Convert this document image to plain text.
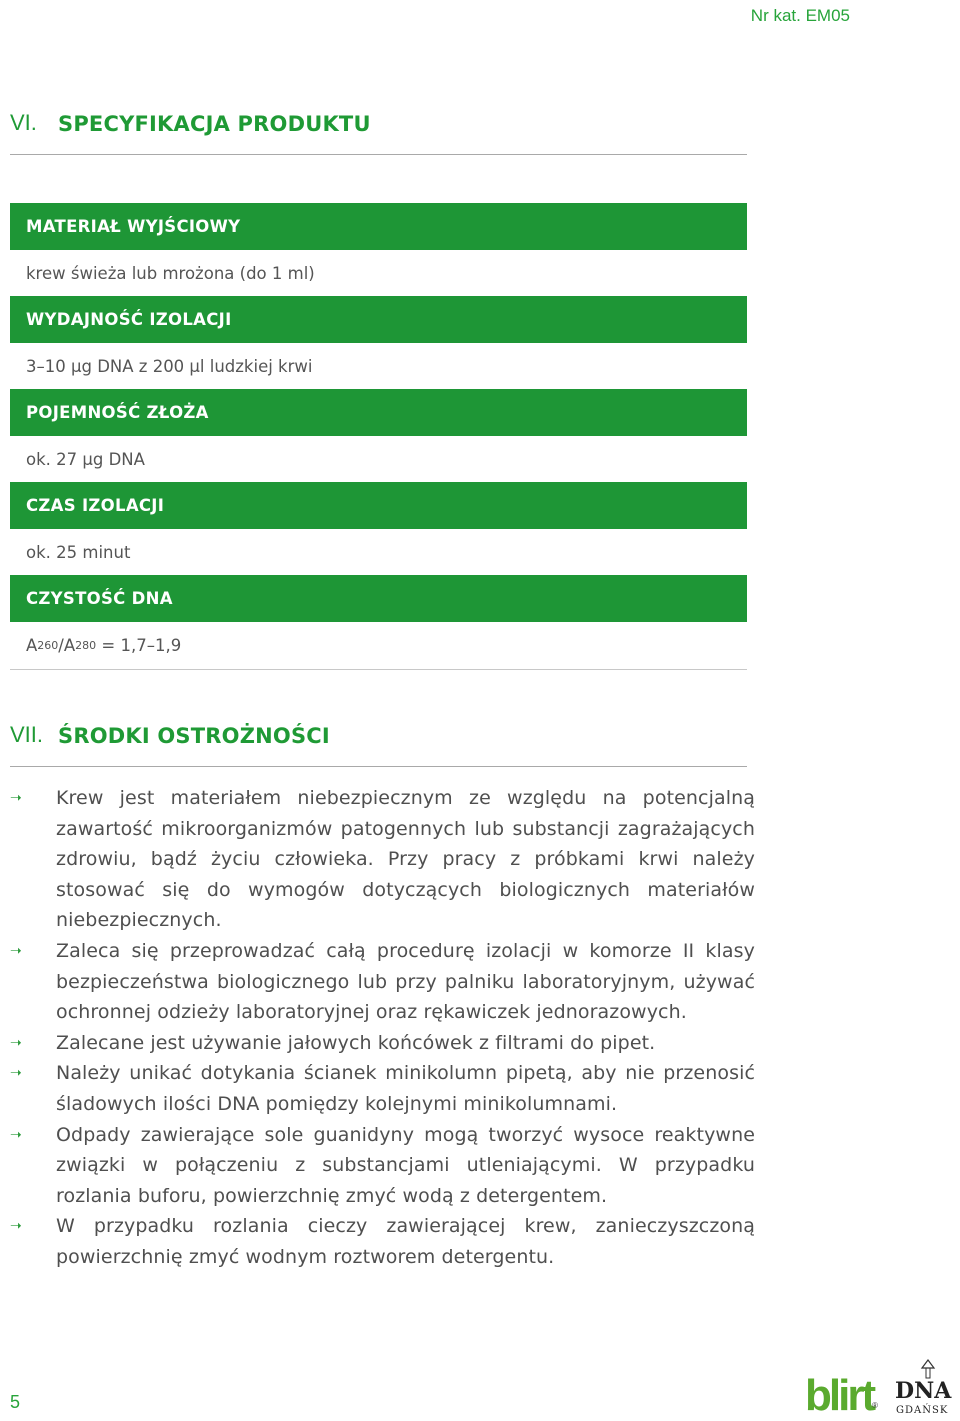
Nr kat. EM05
VI. SPECYFIKACJA PRODUKTU
MATERIAŁ WYJŚCIOWY
krew świeża lub mrożona (do 1 ml)
WYDAJNOŚĆ IZOLACJI
3–10 µg DNA z 200 µl ludzkiej krwi
POJEMNOŚĆ ZŁOŻA
ok. 27 µg DNA
CZAS IZOLACJI
ok. 25 minut
CZYSTOŚĆ DNA
A 260 /A 280 = 1,7–1,9
VII. ŚRODKI OSTROŻNOŚCI
➝	Krew jest materiałem niebezpiecznym ze względu na potencjalną zawartość mikroorganizmów patogennych lub substancji zagrażających zdrowiu, bądź życiu człowieka. Przy pracy z próbkami krwi należy stosować się do wymogów dotyczących biologicznych materiałów niebezpiecznych.

➝	Zaleca się przeprowadzać całą procedurę izolacji w komorze II klasy bezpieczeństwa biologicznego lub przy palniku laboratoryjnym, używać ochronnej odzieży laboratoryjnej oraz rękawiczek jednorazowych.

➝	Zalecane jest używanie jałowych końcówek z filtrami do pipet.

➝	Należy unikać dotykania ścianek minikolumn pipetą, aby nie przenosić śladowych ilości DNA pomiędzy kolejnymi minikolumnami.

➝	Odpady zawierające sole guanidyny mogą tworzyć wysoce reaktywne związki w połączeniu z substancjami utleniającymi. W przypadku rozlania buforu, powierzchnię zmyć wodą z detergentem.

➝	W przypadku rozlania cieczy zawierającej krew, zanieczyszczoną powierzchnię zmyć wodnym roztworem detergentu.

5	blirt
®
DNA
GDAŃSK
